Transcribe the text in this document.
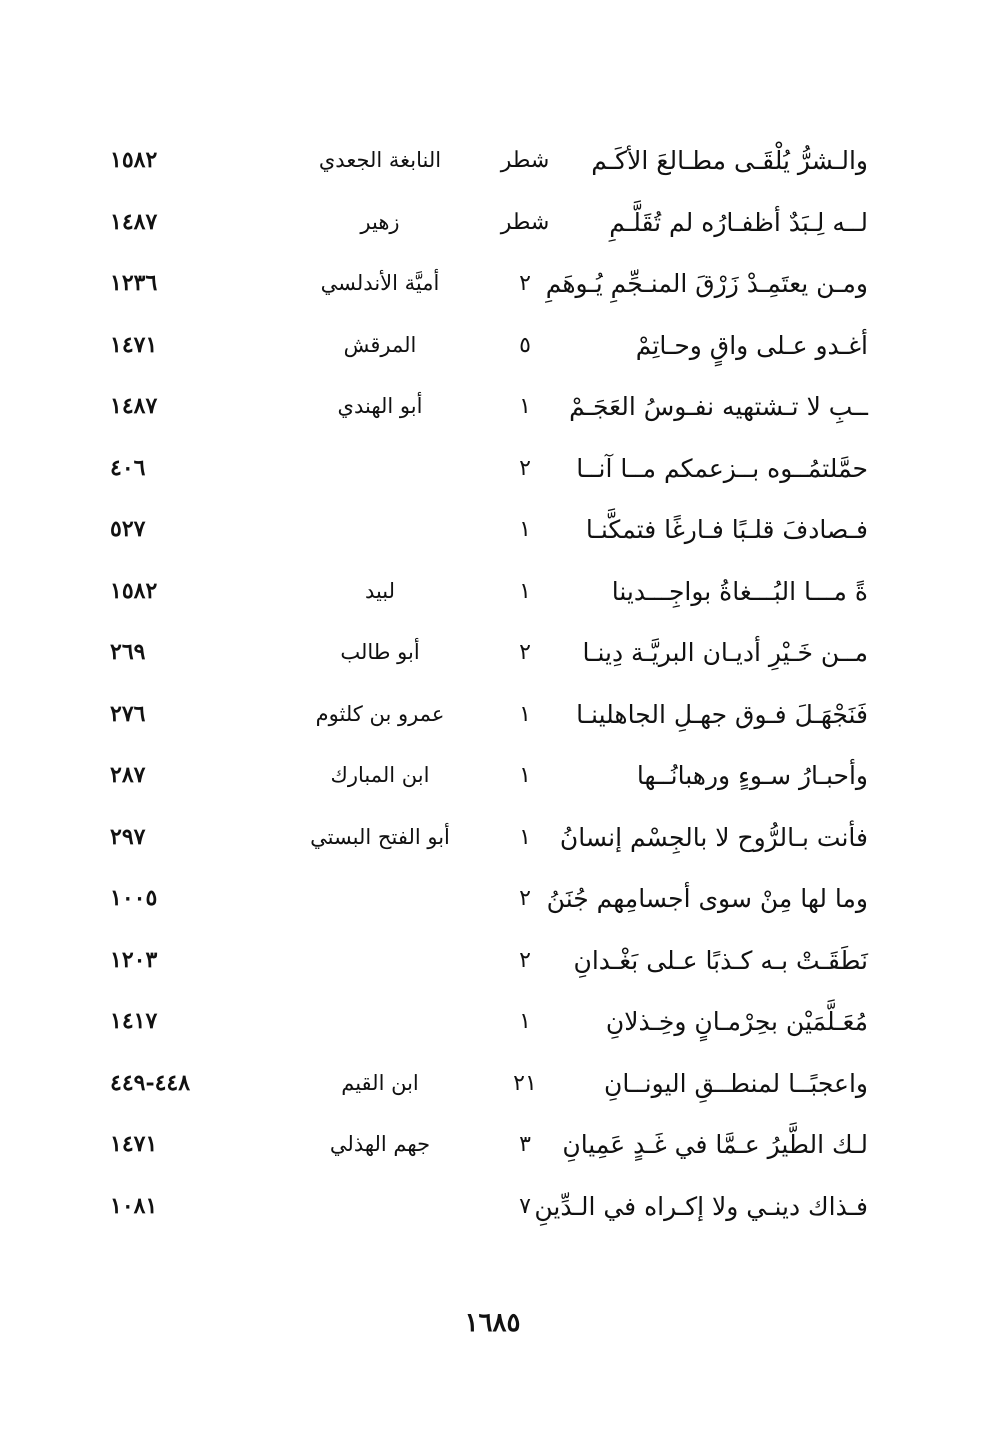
والـشرُّ يُلْقَـى مطـالعَ الأكَـم
شطر
النابغة الجعدي
١٥٨٢
لــه لِـبَدٌ أظفـارُه لم تُقَلَّـمِ
شطر
زهير
١٤٨٧
ومـن يعتَمِـدْ زَرْقَ المنـجِّمِ يُـوهَمِ
٢
أميَّة الأندلسي
١٢٣٦
أغـدو عـلى واقٍ وحـاتِمْ
٥
المرقش
١٤٧١
ــبِ لا تـشتهيه نفـوسُ العَجَـمْ
١
أبو الهندي
١٤٨٧
حمَّلتمُــوه بــزعمكم مــا آنــا
٢
٤٠٦
فـصادفَ قلـبًا فـارغًا فتمكَّنـا
١
٥٢٧
ةً مـــا البُـــغاةُ بواجِـــدينا
١
لبيد
١٥٨٢
مــن خَـيْرِ أديـان البريَّـة دِينـا
٢
أبو طالب
٢٦٩
فَنَجْهَـلَ فـوق جهـلِ الجاهلينـا
١
عمرو بن كلثوم
٢٧٦
وأحبـارُ سـوءٍ ورهبانُــها
١
ابن المبارك
٢٨٧
فأنت بـالرُّوح لا بالجِسْم إنسانُ
١
أبو الفتح البستي
٢٩٧
وما لها مِنْ سوى أجسامِهم جُنَنُ
٢
١٠٠٥
نَطَقَـتْ بـه كـذبًا عـلى بَغْـدانِ
٢
١٢٠٣
مُعَـلَّمَيْن بحِرْمـانٍ وخِـذلانِ
١
١٤١٧
واعجبًــا لمنطــقِ اليونــانِ
٢١
ابن القيم
٤٤٨-٤٤٩
لـك الطَّيرُ عـمَّا في غَـدٍ عَمِيانِ
٣
جهم الهذلي
١٤٧١
فـذاك دينـي ولا إكـراه في الـدِّينِ
٧
١٠٨١
١٦٨٥
